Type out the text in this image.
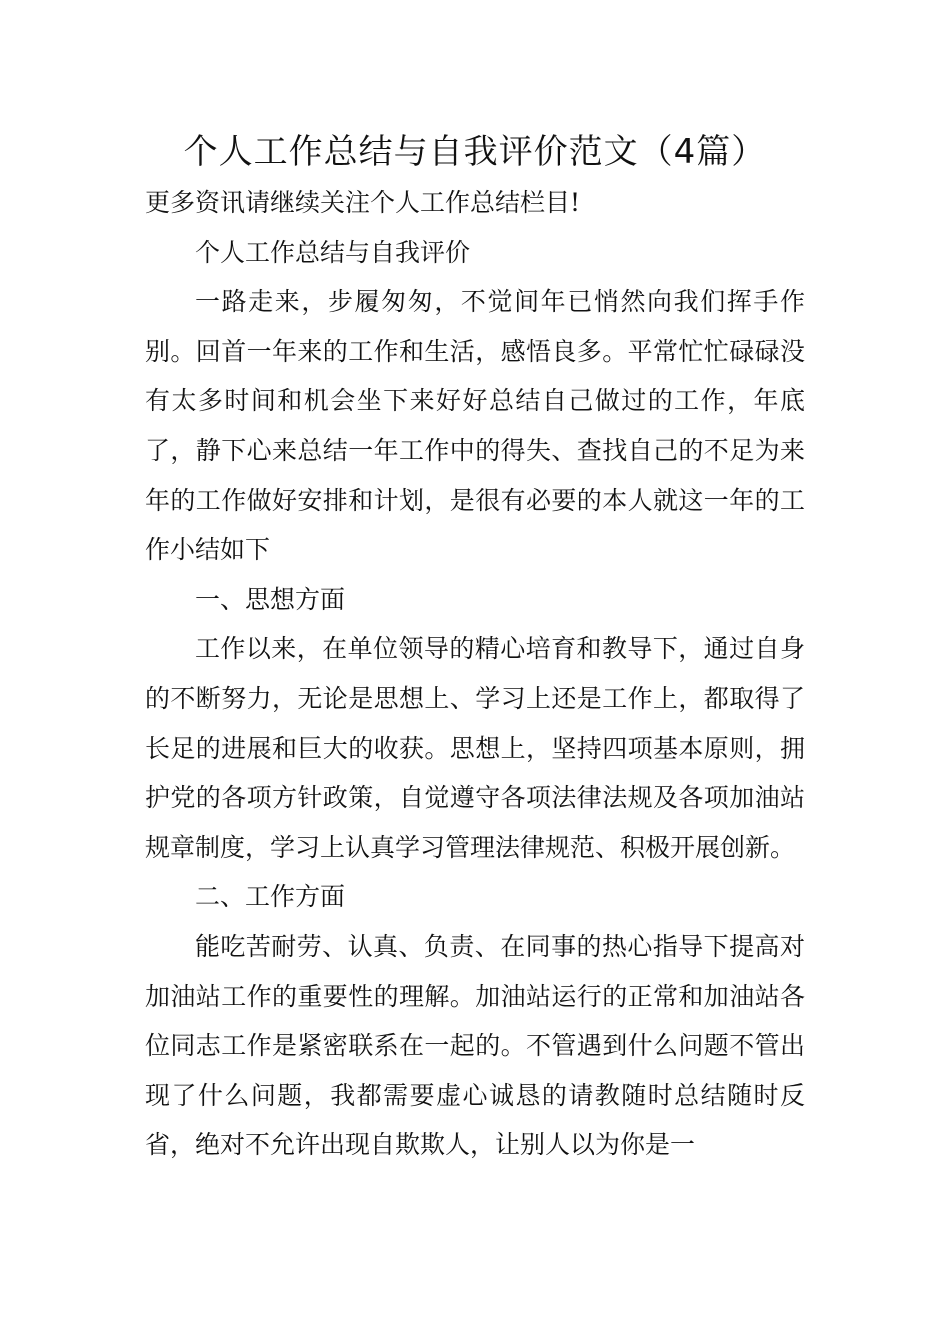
个人工作总结与自我评价范文（4篇）

更多资讯请继续关注个人工作总结栏目!

个人工作总结与自我评价

一路走来，步履匆匆，不觉间年已悄然向我们挥手作别。回首一年来的工作和生活，感悟良多。平常忙忙碌碌没有太多时间和机会坐下来好好总结自己做过的工作，年底了，静下心来总结一年工作中的得失、查找自己的不足为来年的工作做好安排和计划，是很有必要的本人就这一年的工作小结如下

一、思想方面

工作以来，在单位领导的精心培育和教导下，通过自身的不断努力，无论是思想上、学习上还是工作上，都取得了长足的进展和巨大的收获。思想上，坚持四项基本原则，拥护党的各项方针政策，自觉遵守各项法律法规及各项加油站规章制度，学习上认真学习管理法律规范、积极开展创新。

二、工作方面

能吃苦耐劳、认真、负责、在同事的热心指导下提高对加油站工作的重要性的理解。加油站运行的正常和加油站各位同志工作是紧密联系在一起的。不管遇到什么问题不管出现了什么问题，我都需要虚心诚恳的请教随时总结随时反省，绝对不允许出现自欺欺人，让别人以为你是一
